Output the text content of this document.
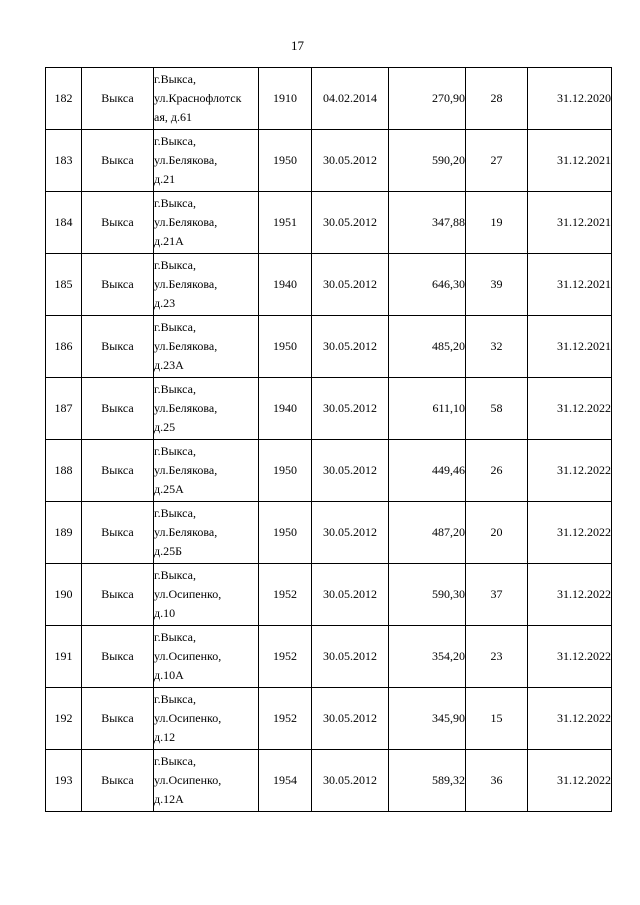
17
182	Выкса	г.Выкса,
ул.Краснофлотск
ая, д.61	1910	04.02.2014	270,90	28	31.12.2020
183	Выкса	г.Выкса,
ул.Белякова,
д.21	1950	30.05.2012	590,20	27	31.12.2021
184	Выкса	г.Выкса,
ул.Белякова,
д.21А	1951	30.05.2012	347,88	19	31.12.2021
185	Выкса	г.Выкса,
ул.Белякова,
д.23	1940	30.05.2012	646,30	39	31.12.2021
186	Выкса	г.Выкса,
ул.Белякова,
д.23А	1950	30.05.2012	485,20	32	31.12.2021
187	Выкса	г.Выкса,
ул.Белякова,
д.25	1940	30.05.2012	611,10	58	31.12.2022
188	Выкса	г.Выкса,
ул.Белякова,
д.25А	1950	30.05.2012	449,46	26	31.12.2022
189	Выкса	г.Выкса,
ул.Белякова,
д.25Б	1950	30.05.2012	487,20	20	31.12.2022
190	Выкса	г.Выкса,
ул.Осипенко,
д.10	1952	30.05.2012	590,30	37	31.12.2022
191	Выкса	г.Выкса,
ул.Осипенко,
д.10А	1952	30.05.2012	354,20	23	31.12.2022
192	Выкса	г.Выкса,
ул.Осипенко,
д.12	1952	30.05.2012	345,90	15	31.12.2022
193	Выкса	г.Выкса,
ул.Осипенко,
д.12А	1954	30.05.2012	589,32	36	31.12.2022
